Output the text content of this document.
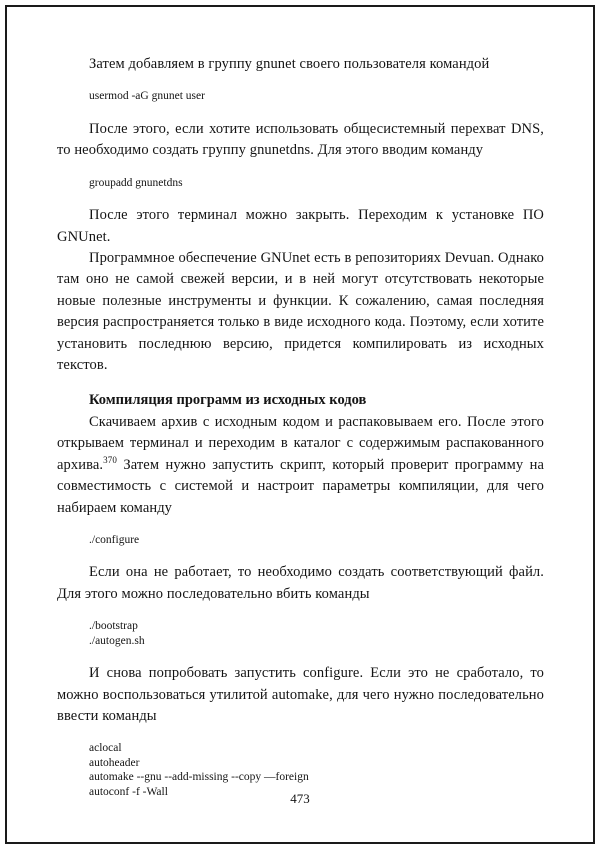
Затем добавляем в группу gnunet своего пользователя командой

usermod -aG gnunet user

После этого, если хотите использовать общесистемный перехват DNS, то необходимо создать группу gnunetdns. Для этого вводим команду

groupadd gnunetdns

После этого терминал можно закрыть. Переходим к установке ПО GNUnet.

Программное обеспечение GNUnet есть в репозиториях Devuan. Однако там оно не самой свежей версии, и в ней могут отсутствовать некоторые новые полезные инструменты и функции. К сожалению, самая последняя версия распространяется только в виде исходного кода. Поэтому, если хотите установить последнюю версию, придется компилировать из исходных текстов.

Компиляция программ из исходных кодов

Скачиваем архив с исходным кодом и распаковываем его. После этого открываем терминал и переходим в каталог с содержимым распакованного архива.$^{370}$ Затем нужно запустить скрипт, который проверит программу на совместимость с системой и настроит параметры компиляции, для чего набираем команду

./configure

Если она не работает, то необходимо создать соответствующий файл. Для этого можно последовательно вбить команды

./bootstrap
./autogen.sh

И снова попробовать запустить configure. Если это не сработало, то можно воспользоваться утилитой automake, для чего нужно последовательно ввести команды

aclocal
autoheader
automake --gnu --add-missing --copy —foreign
autoconf -f -Wall	473
